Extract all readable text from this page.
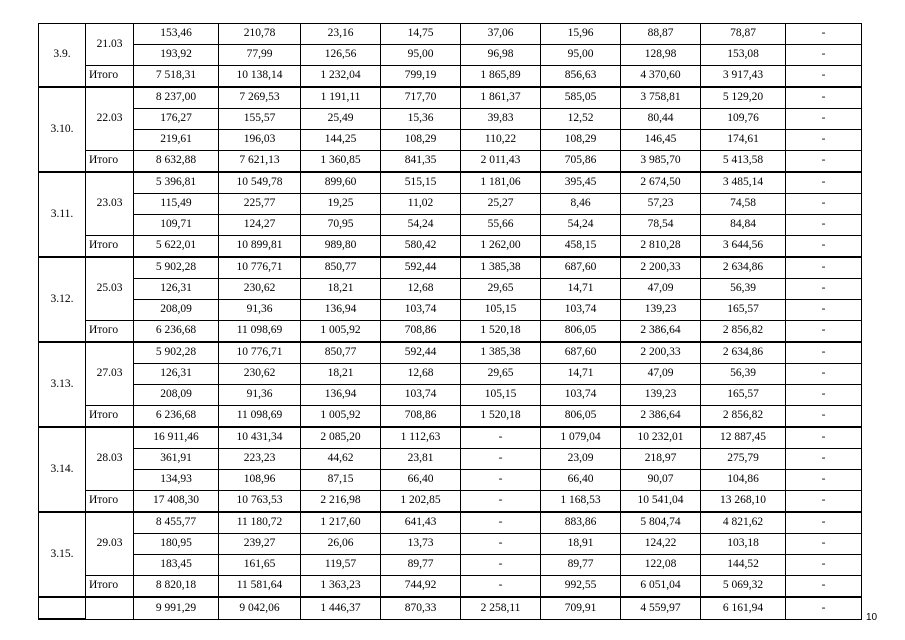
3.9.	21.03	153,46	210,78	23,16	14,75	37,06	15,96	88,87	78,87	-
		193,92	77,99	126,56	95,00	96,98	95,00	128,98	153,08	-
	Итого	7 518,31	10 138,14	1 232,04	799,19	1 865,89	856,63	4 370,60	3 917,43	-
3.10.	22.03	8 237,00	7 269,53	1 191,11	717,70	1 861,37	585,05	3 758,81	5 129,20	-
		176,27	155,57	25,49	15,36	39,83	12,52	80,44	109,76	-
		219,61	196,03	144,25	108,29	110,22	108,29	146,45	174,61	-
	Итого	8 632,88	7 621,13	1 360,85	841,35	2 011,43	705,86	3 985,70	5 413,58	-
3.11.	23.03	5 396,81	10 549,78	899,60	515,15	1 181,06	395,45	2 674,50	3 485,14	-
		115,49	225,77	19,25	11,02	25,27	8,46	57,23	74,58	-
		109,71	124,27	70,95	54,24	55,66	54,24	78,54	84,84	-
	Итого	5 622,01	10 899,81	989,80	580,42	1 262,00	458,15	2 810,28	3 644,56	-
3.12.	25.03	5 902,28	10 776,71	850,77	592,44	1 385,38	687,60	2 200,33	2 634,86	-
		126,31	230,62	18,21	12,68	29,65	14,71	47,09	56,39	-
		208,09	91,36	136,94	103,74	105,15	103,74	139,23	165,57	-
	Итого	6 236,68	11 098,69	1 005,92	708,86	1 520,18	806,05	2 386,64	2 856,82	-
3.13.	27.03	5 902,28	10 776,71	850,77	592,44	1 385,38	687,60	2 200,33	2 634,86	-
		126,31	230,62	18,21	12,68	29,65	14,71	47,09	56,39	-
		208,09	91,36	136,94	103,74	105,15	103,74	139,23	165,57	-
	Итого	6 236,68	11 098,69	1 005,92	708,86	1 520,18	806,05	2 386,64	2 856,82	-
3.14.	28.03	16 911,46	10 431,34	2 085,20	1 112,63	-	1 079,04	10 232,01	12 887,45	-
		361,91	223,23	44,62	23,81	-	23,09	218,97	275,79	-
		134,93	108,96	87,15	66,40	-	66,40	90,07	104,86	-
	Итого	17 408,30	10 763,53	2 216,98	1 202,85	-	1 168,53	10 541,04	13 268,10	-
3.15.	29.03	8 455,77	11 180,72	1 217,60	641,43	-	883,86	5 804,74	4 821,62	-
		180,95	239,27	26,06	13,73	-	18,91	124,22	103,18	-
		183,45	161,65	119,57	89,77	-	89,77	122,08	144,52	-
	Итого	8 820,18	11 581,64	1 363,23	744,92	-	992,55	6 051,04	5 069,32	-
		9 991,29	9 042,06	1 446,37	870,33	2 258,11	709,91	4 559,97	6 161,94	-
10
